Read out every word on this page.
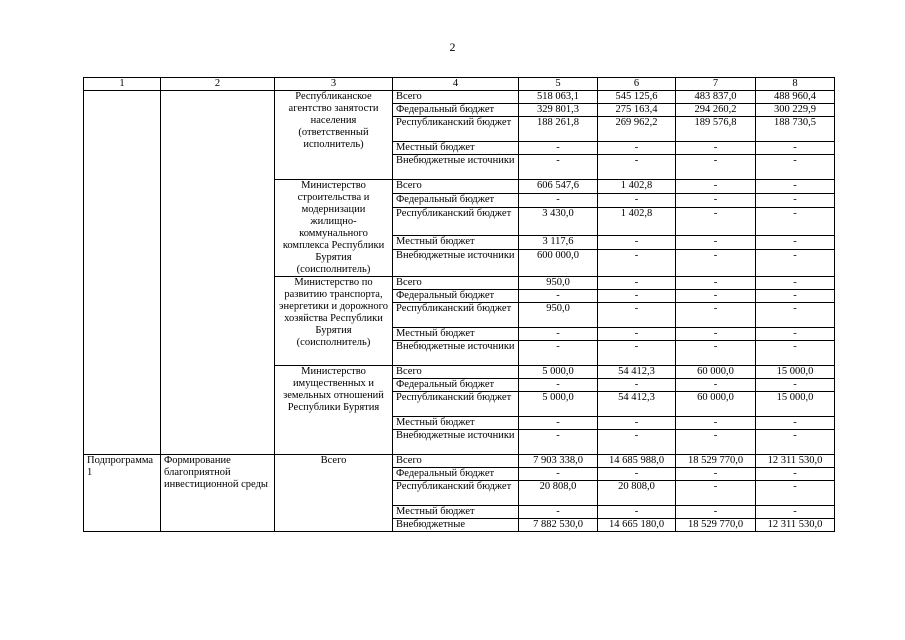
2
1	2	3	4	5	6	7	8
		Республиканское агентство занятости населения (ответственный исполнитель)	Всего	518 063,1	545 125,6	483 837,0	488 960,4
			Федеральный бюджет	329 801,3	275 163,4	294 260,2	300 229,9
			Республиканский бюджет	188 261,8	269 962,2	189 576,8	188 730,5
			Местный бюджет	-	-	-	-
			Внебюджетные источники	-	-	-	-
		Министерство строительства и модернизации жилищно-коммунального комплекса Республики Бурятия (соисполнитель)	Всего	606 547,6	1 402,8	-	-
			Федеральный бюджет	-	-	-	-
			Республиканский бюджет	3 430,0	1 402,8	-	-
			Местный бюджет	3 117,6	-	-	-
			Внебюджетные источники	600 000,0	-	-	-
		Министерство по развитию транспорта, энергетики и дорожного хозяйства Республики Бурятия (соисполнитель)	Всего	950,0	-	-	-
			Федеральный бюджет	-	-	-	-
			Республиканский бюджет	950,0	-	-	-
			Местный бюджет	-	-	-	-
			Внебюджетные источники	-	-	-	-
		Министерство имущественных и земельных отношений Республики Бурятия	Всего	5 000,0	54 412,3	60 000,0	15 000,0
			Федеральный бюджет	-	-	-	-
			Республиканский бюджет	5 000,0	54 412,3	60 000,0	15 000,0
			Местный бюджет	-	-	-	-
			Внебюджетные источники	-	-	-	-
Подпрограмма 1	Формирование благоприятной инвестиционной среды	Всего	Всего	7 903 338,0	14 685 988,0	18 529 770,0	12 311 530,0
			Федеральный бюджет	-	-	-	-
			Республиканский бюджет	20 808,0	20 808,0	-	-
			Местный бюджет	-	-	-	-
			Внебюджетные	7 882 530,0	14 665 180,0	18 529 770,0	12 311 530,0
